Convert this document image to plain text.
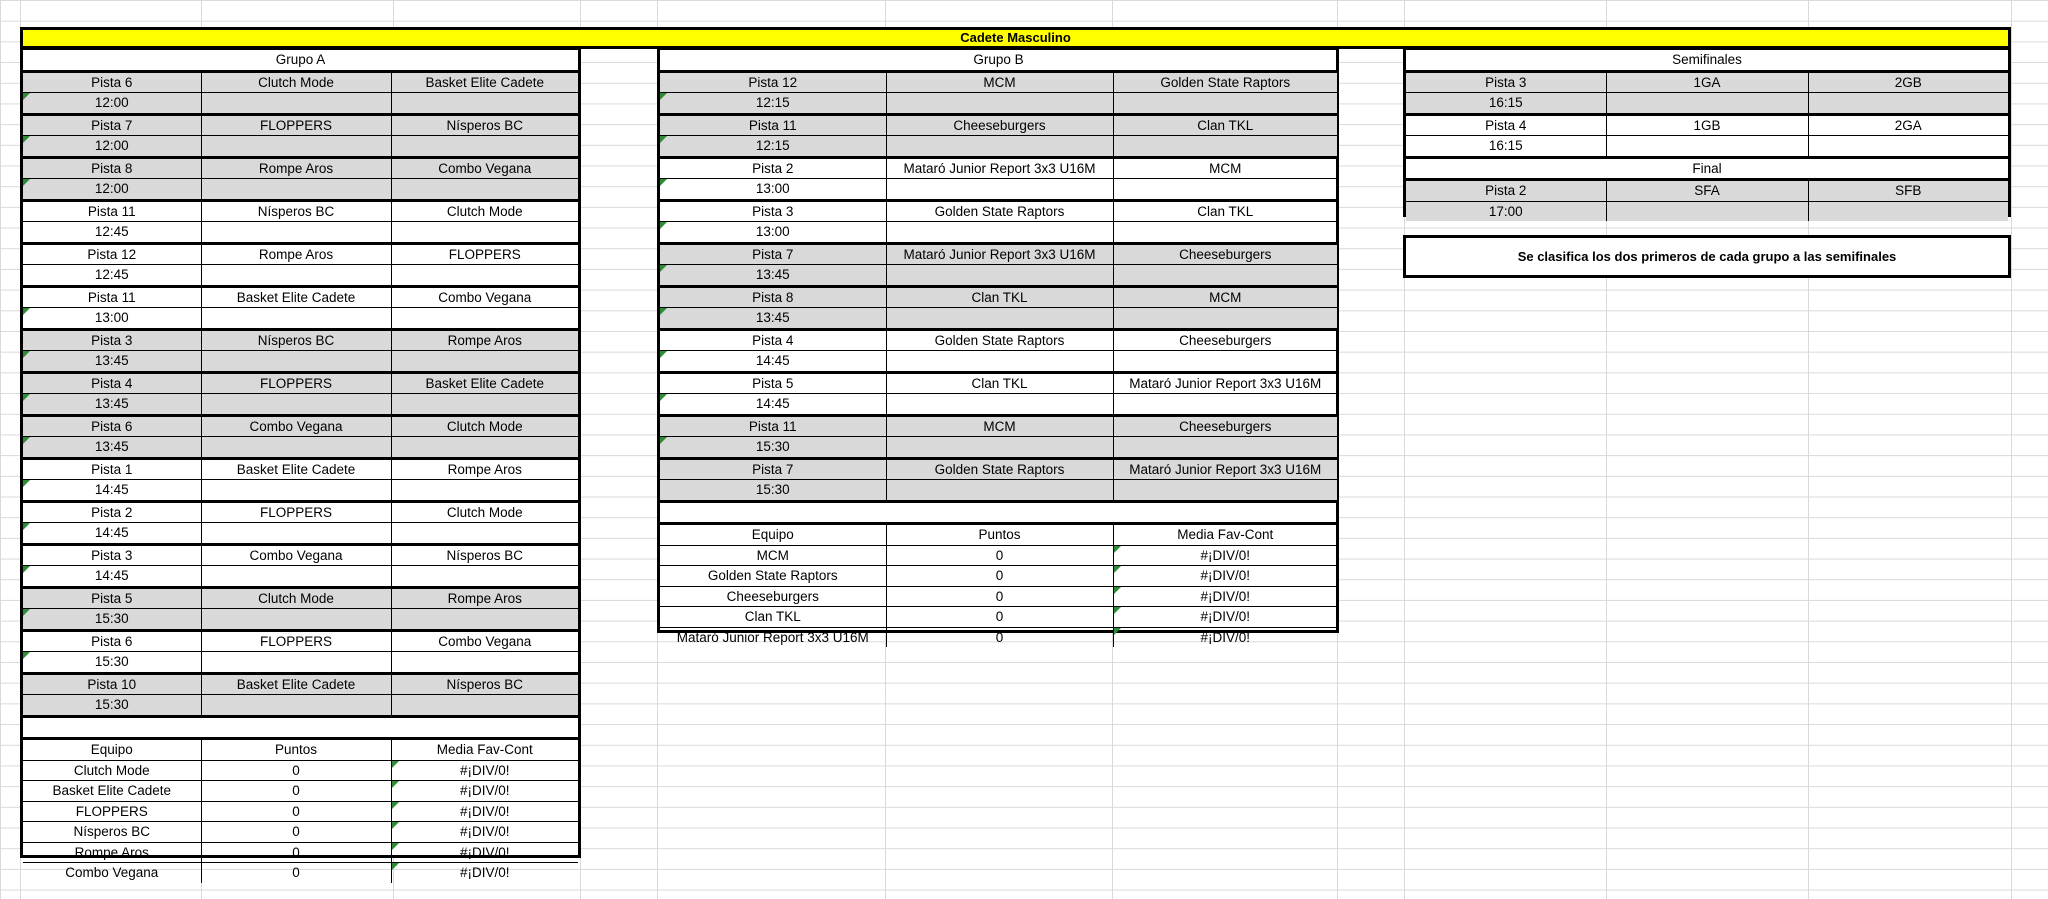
Cadete Masculino
Grupo A		
Pista 6	Clutch Mode	Basket Elite Cadete
12:00		
Pista 7	FLOPPERS	Nísperos BC
12:00		
Pista 8	Rompe Aros	Combo Vegana
12:00		
Pista 11	Nísperos BC	Clutch Mode
12:45		
Pista 12	Rompe Aros	FLOPPERS
12:45		
Pista 11	Basket Elite Cadete	Combo Vegana
13:00		
Pista 3	Nísperos BC	Rompe Aros
13:45		
Pista 4	FLOPPERS	Basket Elite Cadete
13:45		
Pista 6	Combo Vegana	Clutch Mode
13:45		
Pista 1	Basket Elite Cadete	Rompe Aros
14:45		
Pista 2	FLOPPERS	Clutch Mode
14:45		
Pista 3	Combo Vegana	Nísperos BC
14:45		
Pista 5	Clutch Mode	Rompe Aros
15:30		
Pista 6	FLOPPERS	Combo Vegana
15:30		
Pista 10	Basket Elite Cadete	Nísperos BC
15:30		

Equipo	Puntos	Media Fav-Cont
Clutch Mode	0	#¡DIV/0!
Basket Elite Cadete	0	#¡DIV/0!
FLOPPERS	0	#¡DIV/0!
Nísperos BC	0	#¡DIV/0!
Rompe Aros	0	#¡DIV/0!
Combo Vegana	0	#¡DIV/0!
Grupo B		
Pista 12	MCM	Golden State Raptors
12:15		
Pista 11	Cheeseburgers	Clan TKL
12:15		
Pista 2	Mataró Junior Report 3x3 U16M	MCM
13:00		
Pista 3	Golden State Raptors	Clan TKL
13:00		
Pista 7	Mataró Junior Report 3x3 U16M	Cheeseburgers
13:45		
Pista 8	Clan TKL	MCM
13:45		
Pista 4	Golden State Raptors	Cheeseburgers
14:45		
Pista 5	Clan TKL	Mataró Junior Report 3x3 U16M
14:45		
Pista 11	MCM	Cheeseburgers
15:30		
Pista 7	Golden State Raptors	Mataró Junior Report 3x3 U16M
15:30		

Equipo	Puntos	Media Fav-Cont
MCM	0	#¡DIV/0!
Golden State Raptors	0	#¡DIV/0!
Cheeseburgers	0	#¡DIV/0!
Clan TKL	0	#¡DIV/0!
Mataró Junior Report 3x3 U16M	0	#¡DIV/0!
Semifinales		
Pista 3	1GA	2GB
16:15		
Pista 4	1GB	2GA
16:15		
Final		
Pista 2	SFA	SFB
17:00		
Se clasifica los dos primeros de cada grupo a las semifinales
